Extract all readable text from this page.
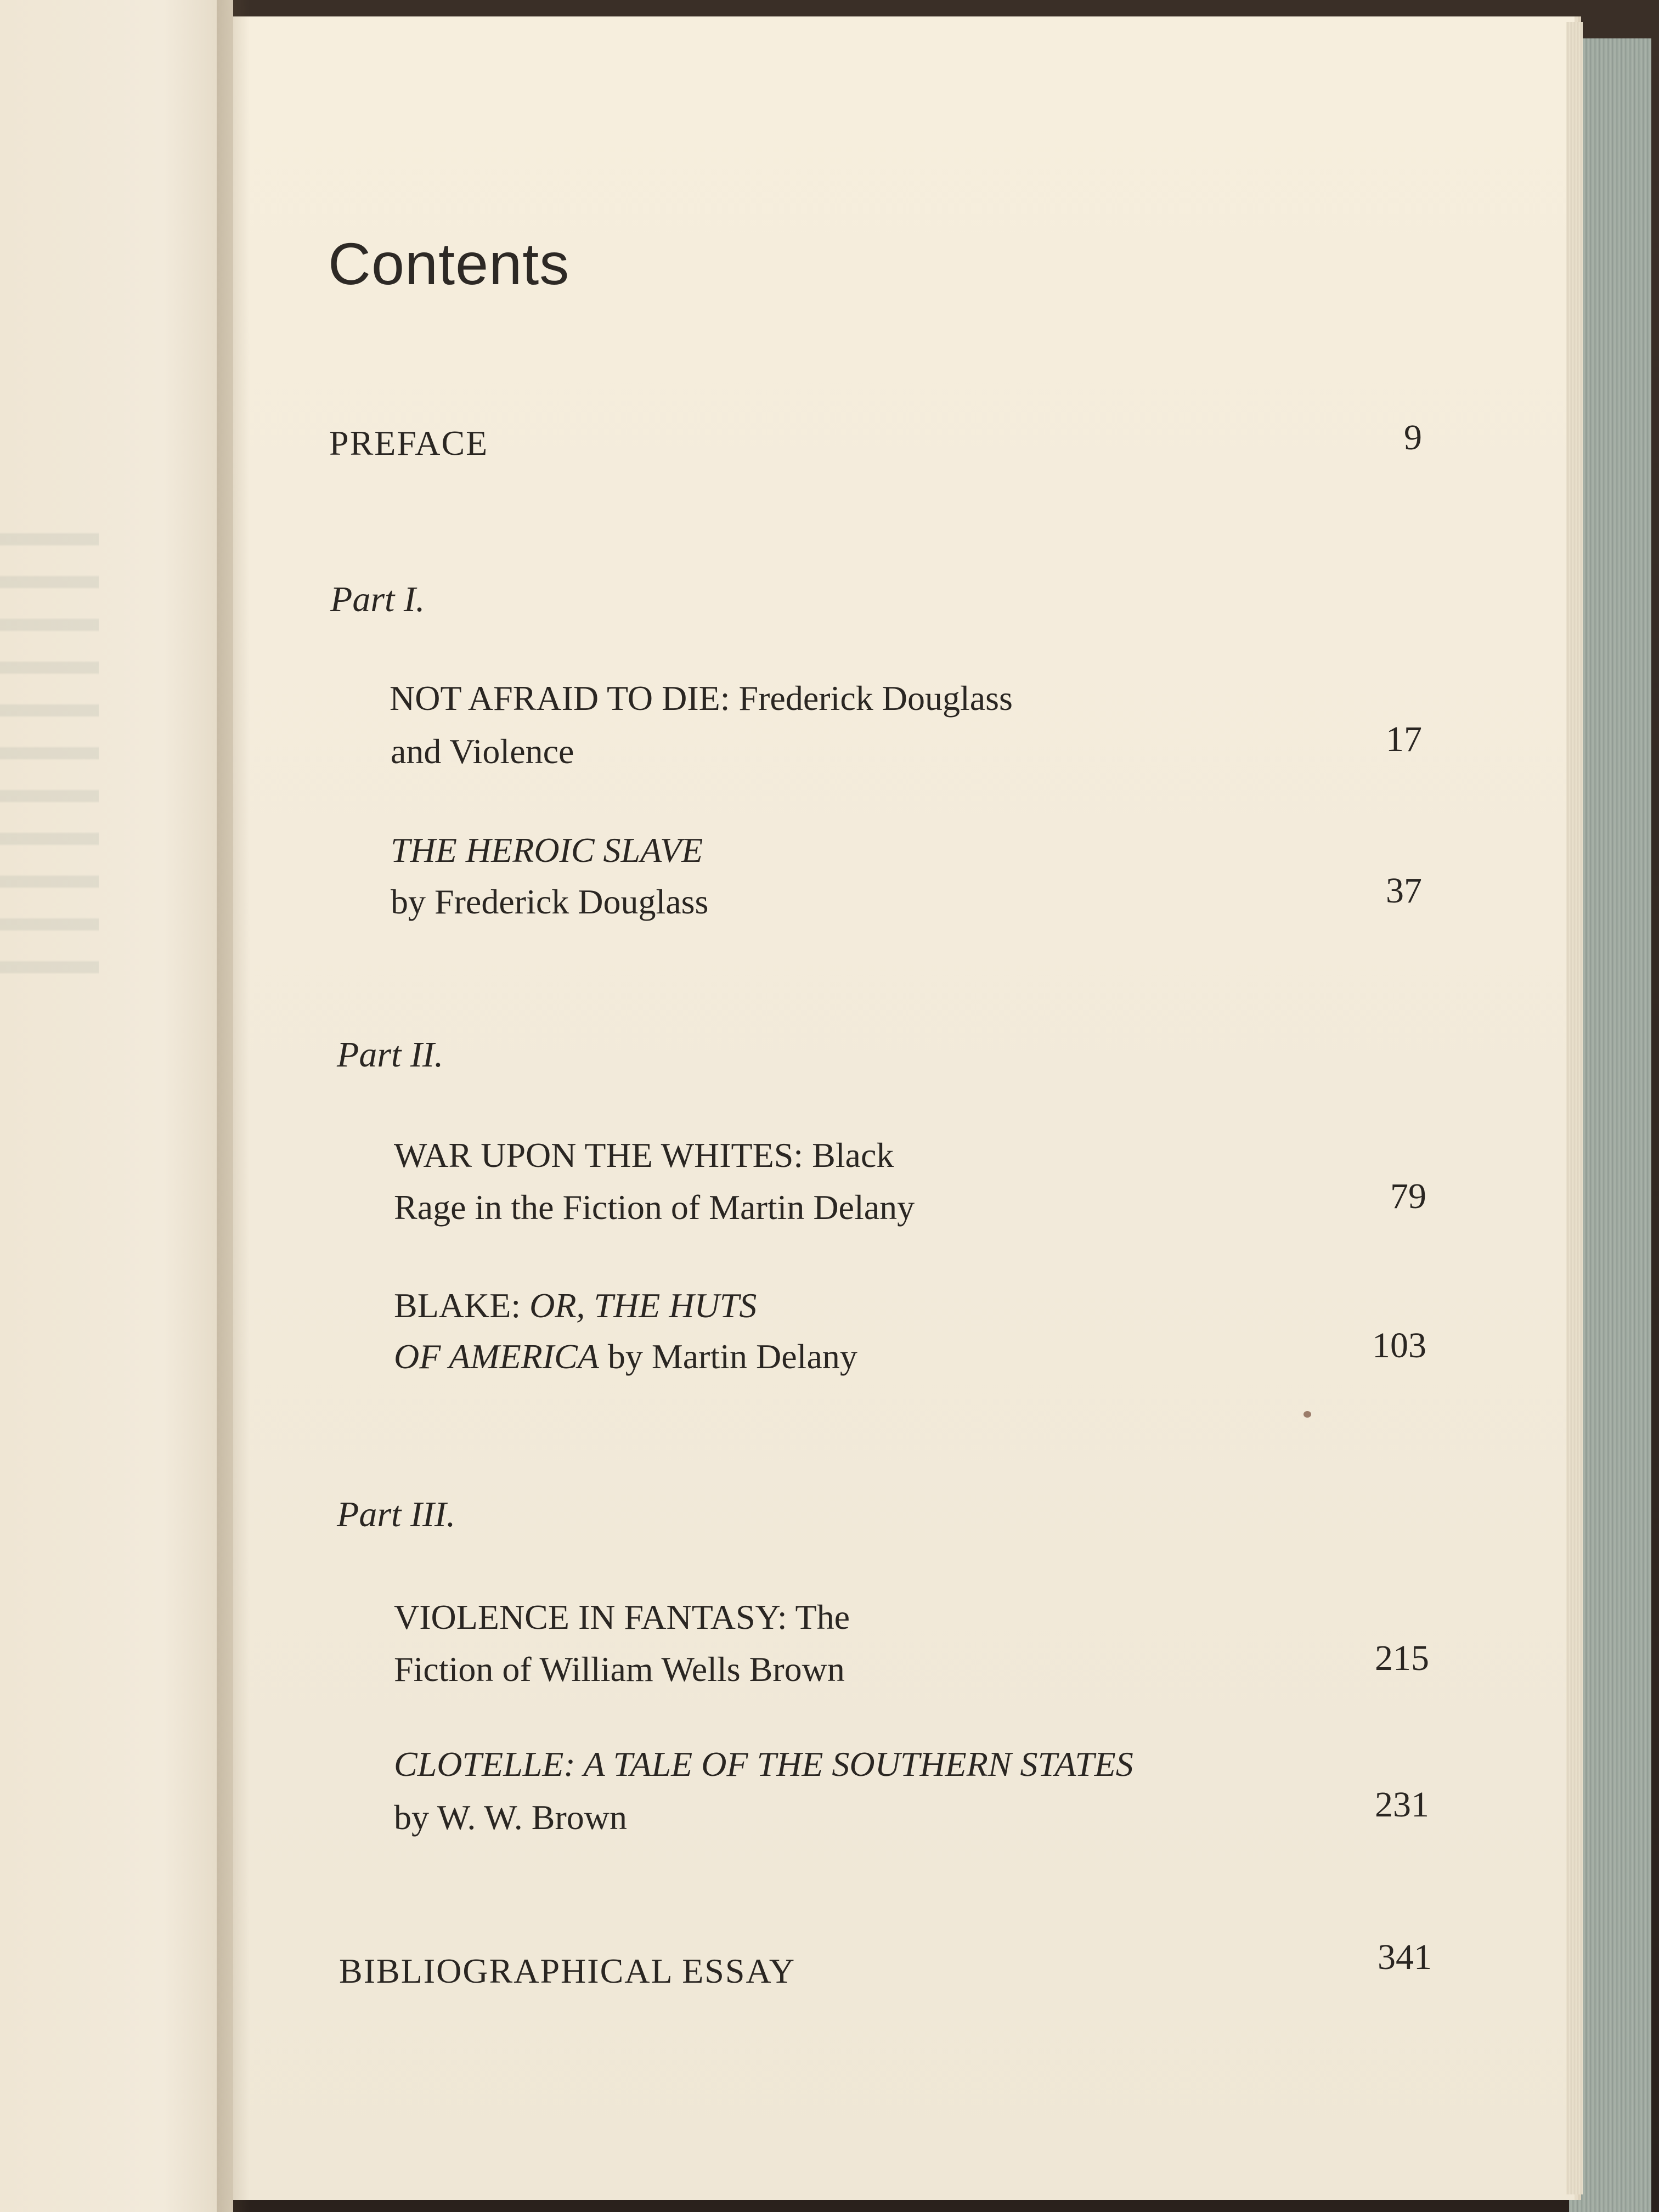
Contents
PREFACE	9
Part I.
NOT AFRAID TO DIE: Frederick Douglass
and Violence	17
THE HEROIC SLAVE
by Frederick Douglass	37
Part II.
WAR UPON THE WHITES: Black
Rage in the Fiction of Martin Delany	79
BLAKE: OR, THE HUTS
OF AMERICA by Martin Delany	103
Part III.
VIOLENCE IN FANTASY: The
Fiction of William Wells Brown	215
CLOTELLE: A TALE OF THE SOUTHERN STATES
by W. W. Brown	231
BIBLIOGRAPHICAL ESSAY	341
